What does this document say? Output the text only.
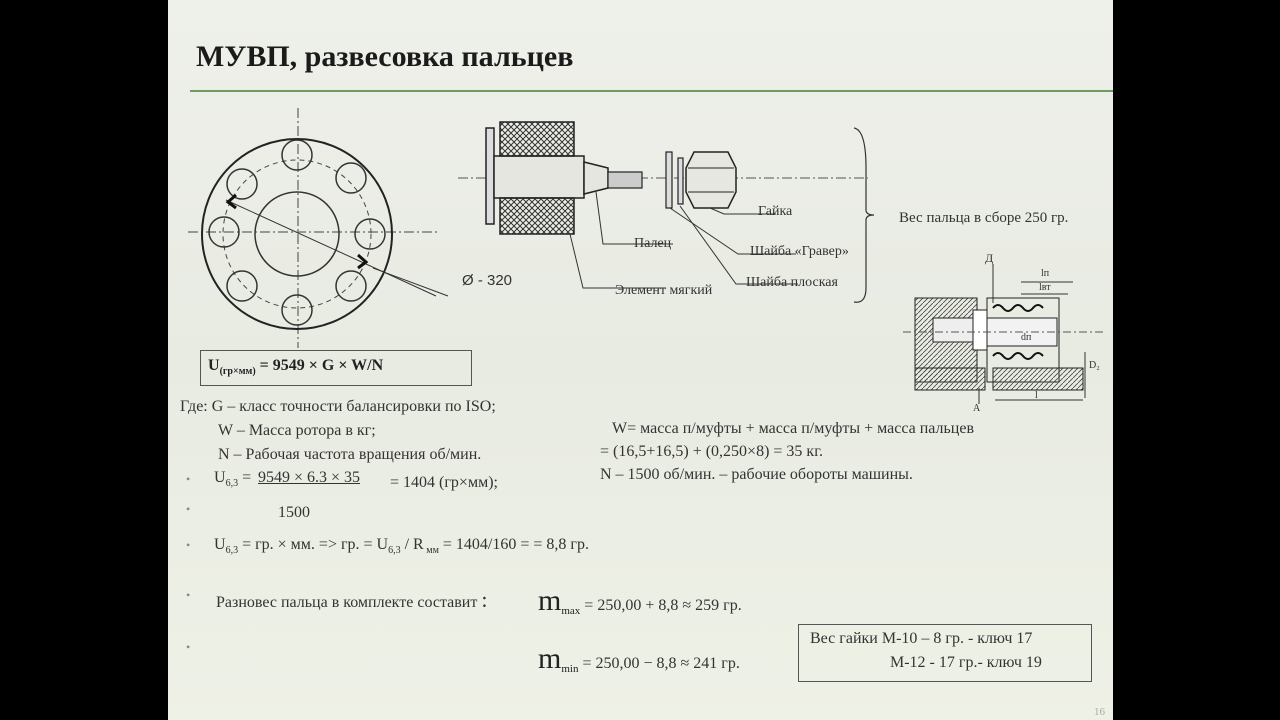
МУВП, развесовка пальцев
Ø - 320
Гайка
Шайба «Гравер»
Палец
Шайба плоская
Элемент мягкий
Вес пальца в сборе 250 гр.
Д
lп
lвт
dп
D₂
l
A
$U_{(гр\times мм)} = 9549 \times G \times W/N$
Где: G – класс точности балансировки по ISO;
W – Масса ротора в кг;
N – Рабочая частота вращения об/мин.
W= масса п/муфты + масса п/муфты + масса пальцев
= (16,5+16,5) + (0,250×8) = 35 кг.
N – 1500 об/мин. – рабочие обороты машины.
•
•
•
•
•
$U_{6,3} = 9549 \times 6.3 \times 35 = 1404$ (гр×мм);
1500
$U_{6,3}$ = гр. × мм. => гр. = $U_{6,3}$ / R $_{мм}$ = 1404/160 = = 8,8 гр.
Разновес пальца в комплекте составит : $m_{max} = 250,00 + 8,8 \approx 259$ гр.
$m_{min} = 250,00 - 8,8 \approx 241$ гр.
Вес гайки М-10 – 8 гр. - ключ 17
М-12 - 17 гр.- ключ 19
16
